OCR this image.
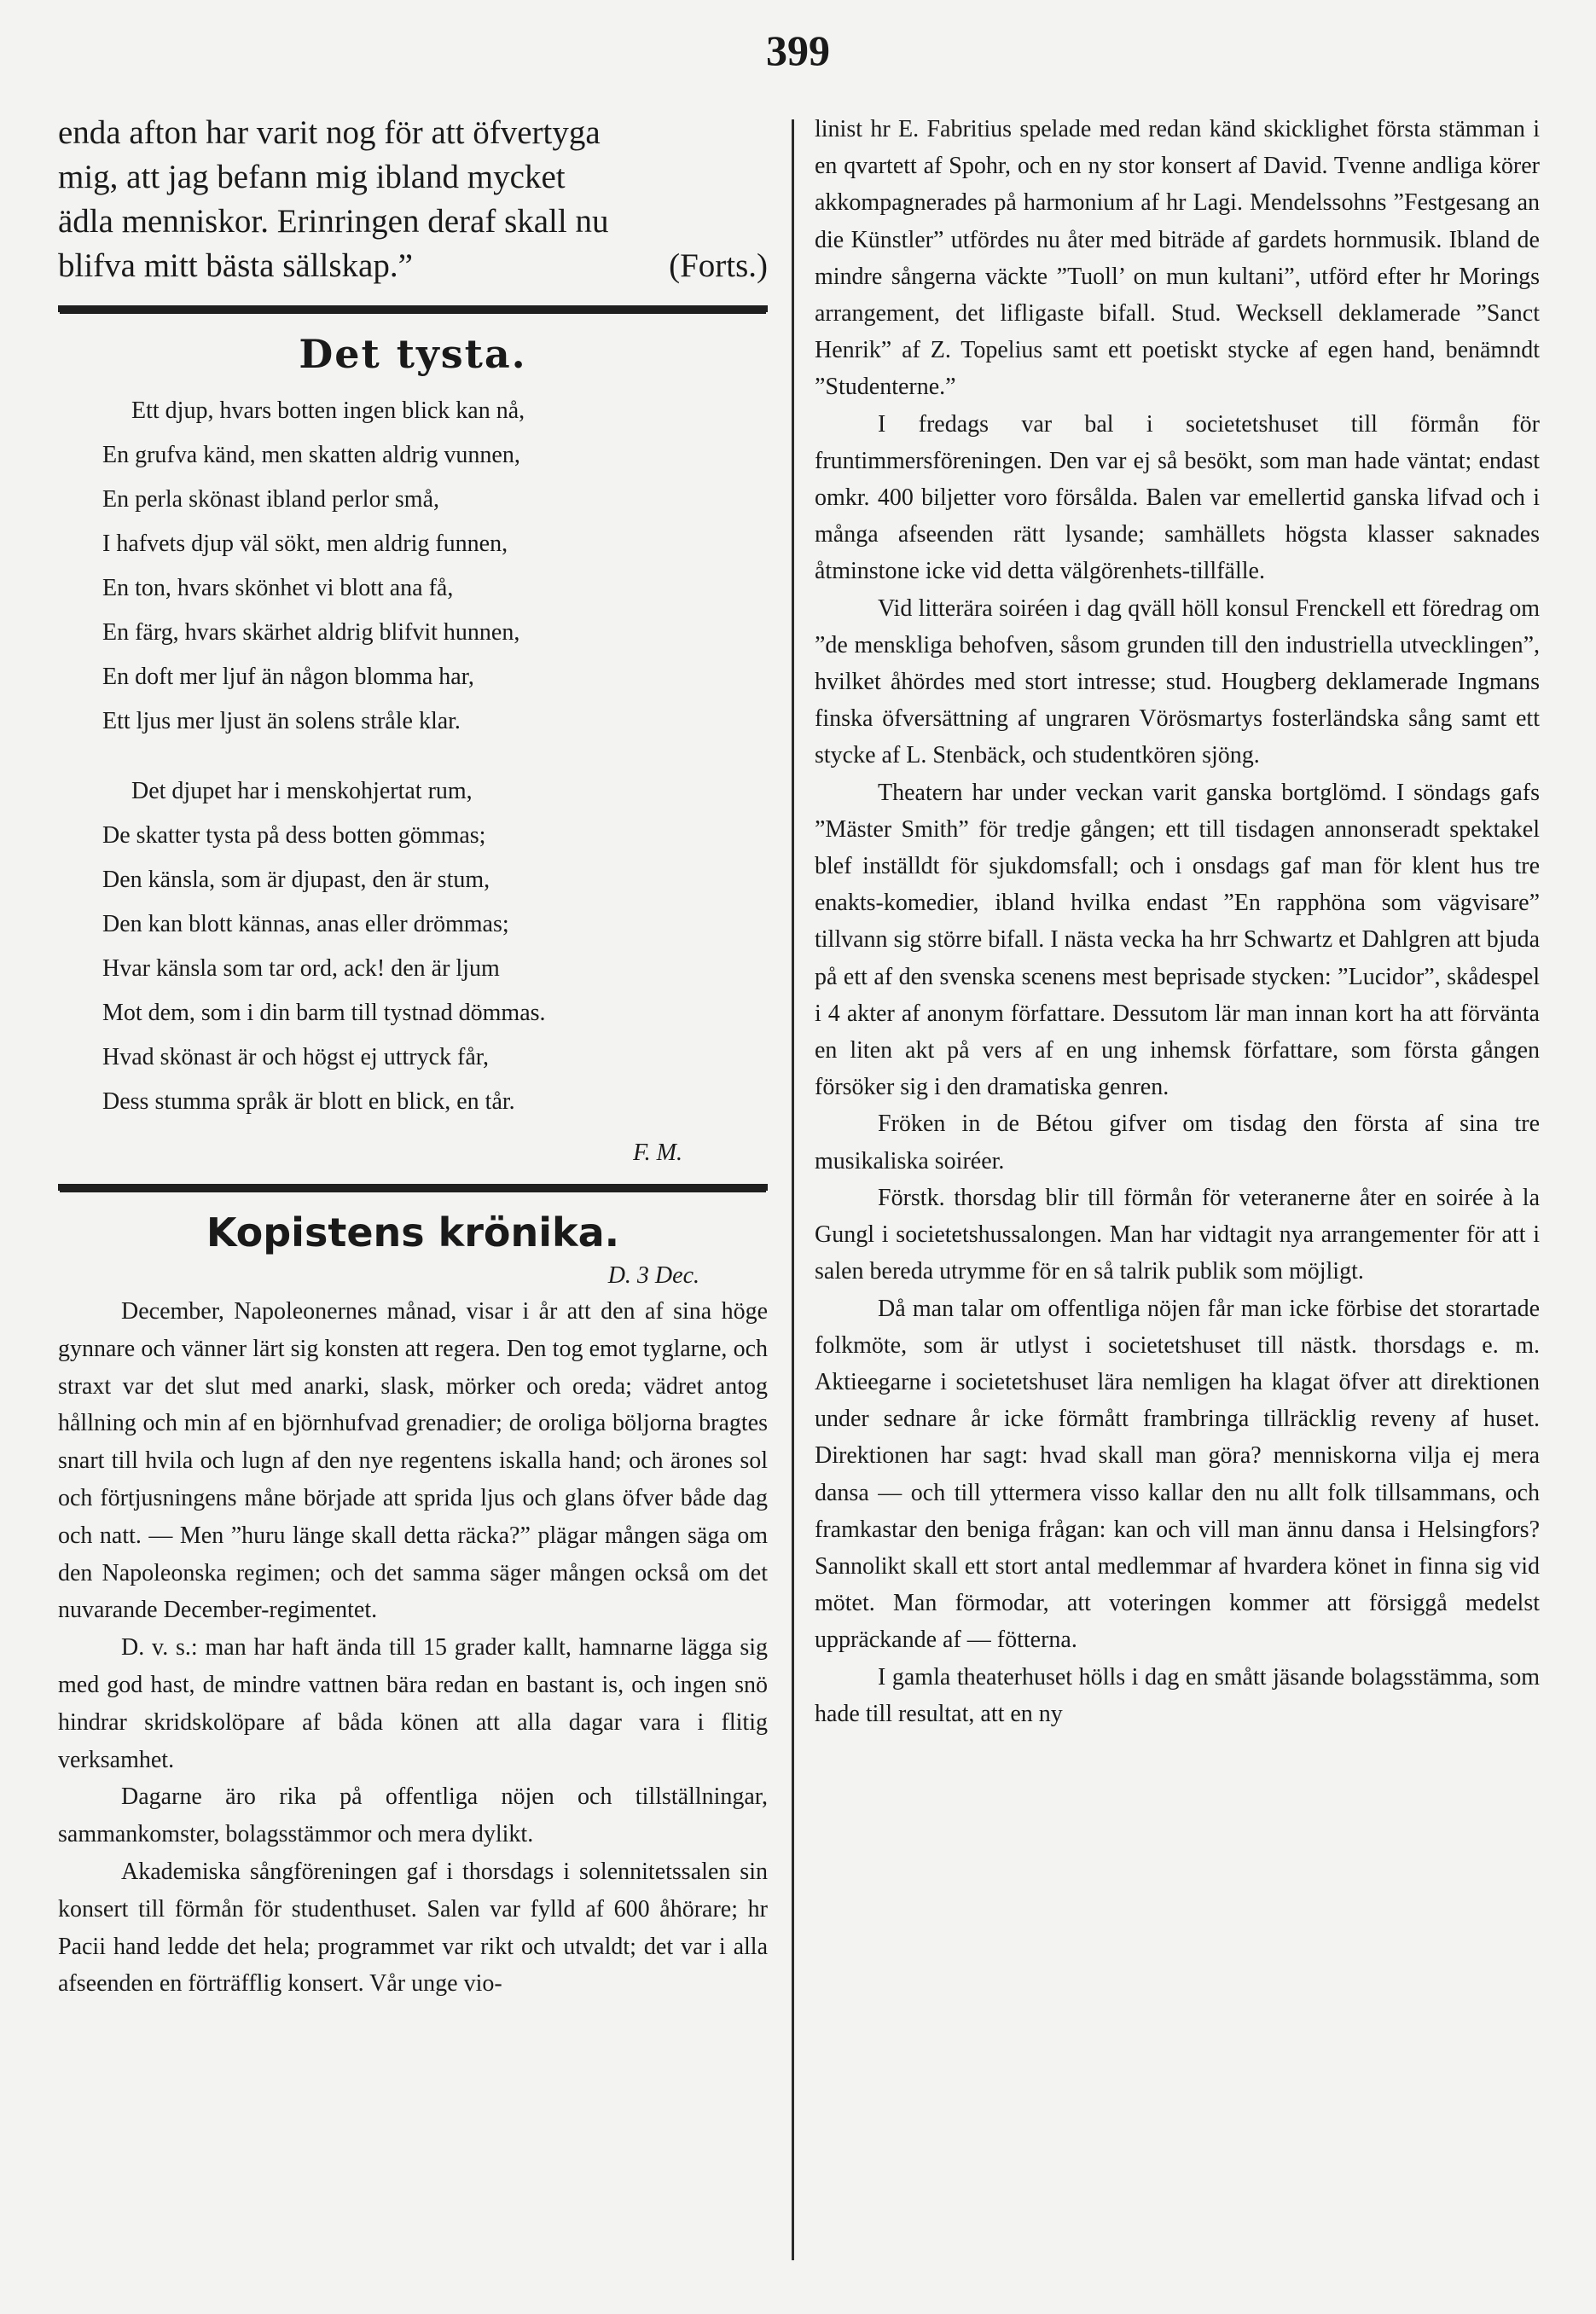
399
enda afton har varit nog för att öfvertyga
mig, att jag befann mig ibland mycket
ädla menniskor. Erinringen deraf skall nu
blifva mitt bästa sällskap.”	(Forts.)
Det tysta.
Ett djup, hvars botten ingen blick kan nå,
En grufva känd, men skatten aldrig vunnen,
En perla skönast ibland perlor små,
I hafvets djup väl sökt, men aldrig funnen,
En ton, hvars skönhet vi blott ana få,
En färg, hvars skärhet aldrig blifvit hunnen,
En doft mer ljuf än någon blomma har,
Ett ljus mer ljust än solens stråle klar.
Det djupet har i menskohjertat rum,
De skatter tysta på dess botten gömmas;
Den känsla, som är djupast, den är stum,
Den kan blott kännas, anas eller drömmas;
Hvar känsla som tar ord, ack! den är ljum
Mot dem, som i din barm till tystnad dömmas.
Hvad skönast är och högst ej uttryck får,
Dess stumma språk är blott en blick, en tår.
F. M.
Kopistens krönika.
D. 3 Dec.

December, Napoleonernes månad, visar i år att den af sina höge gynnare och vänner lärt sig konsten att regera. Den tog emot tyglarne, och straxt var det slut med anarki, slask, mörker och oreda; vädret antog hållning och min af en björnhufvad grenadier; de oroliga böljorna bragtes snart till hvila och lugn af den nye regentens iskalla hand; och ärones sol och förtjusningens måne började att sprida ljus och glans öfver både dag och natt. — Men ”huru länge skall detta räcka?” plägar mången säga om den Napoleonska regimen; och det samma säger mången också om det nuvarande December-regimentet.

D. v. s.: man har haft ända till 15 grader kallt, hamnarne lägga sig med god hast, de mindre vattnen bära redan en bastant is, och ingen snö hindrar skridskolöpare af båda könen att alla dagar vara i flitig verksamhet.

Dagarne äro rika på offentliga nöjen och tillställningar, sammankomster, bolagsstämmor och mera dylikt.

Akademiska sångföreningen gaf i thorsdags i solennitetssalen sin konsert till förmån för studenthuset. Salen var fylld af 600 åhörare; hr Pacii hand ledde det hela; programmet var rikt och utvaldt; det var i alla afseenden en förträfflig konsert. Vår unge vio-

linist hr E. Fabritius spelade med redan känd skicklighet första stämman i en qvartett af Spohr, och en ny stor konsert af David. Tvenne andliga körer akkompagnerades på harmonium af hr Lagi. Mendelssohns ”Festgesang an die Künstler” utfördes nu åter med biträde af gardets hornmusik. Ibland de mindre sångerna väckte ”Tuoll’ on mun kultani”, utförd efter hr Morings arrangement, det lifligaste bifall. Stud. Wecksell deklamerade ”Sanct Henrik” af Z. Topelius samt ett poetiskt stycke af egen hand, benämndt ”Studenterne.”

I fredags var bal i societetshuset till förmån för fruntimmersföreningen. Den var ej så besökt, som man hade väntat; endast omkr. 400 biljetter voro försålda. Balen var emellertid ganska lifvad och i många afseenden rätt lysande; samhällets högsta klasser saknades åtminstone icke vid detta välgörenhets-tillfälle.

Vid litterära soiréen i dag qväll höll konsul Frenckell ett föredrag om ”de menskliga behofven, såsom grunden till den industriella utvecklingen”, hvilket åhördes med stort intresse; stud. Hougberg deklamerade Ingmans finska öfversättning af ungraren Vörösmartys fosterländska sång samt ett stycke af L. Stenbäck, och studentkören sjöng.

Theatern har under veckan varit ganska bortglömd. I söndags gafs ”Mäster Smith” för tredje gången; ett till tisdagen annonseradt spektakel blef inställdt för sjukdomsfall; och i onsdags gaf man för klent hus tre enakts-komedier, ibland hvilka endast ”En rapphöna som vägvisare” tillvann sig större bifall. I nästa vecka ha hrr Schwartz et Dahlgren att bjuda på ett af den svenska scenens mest beprisade stycken: ”Lucidor”, skådespel i 4 akter af anonym författare. Dessutom lär man innan kort ha att förvänta en liten akt på vers af en ung inhemsk författare, som första gången försöker sig i den dramatiska genren.

Fröken in de Bétou gifver om tisdag den första af sina tre musikaliska soiréer.

Förstk. thorsdag blir till förmån för veteranerne åter en soirée à la Gungl i societetshussalongen. Man har vidtagit nya arrangementer för att i salen bereda utrymme för en så talrik publik som möjligt.

Då man talar om offentliga nöjen får man icke förbise det storartade folkmöte, som är utlyst i societetshuset till nästk. thorsdags e. m. Aktieegarne i societetshuset lära nemligen ha klagat öfver att direktionen under sednare år icke förmått frambringa tillräcklig reveny af huset. Direktionen har sagt: hvad skall man göra? menniskorna vilja ej mera dansa — och till yttermera visso kallar den nu allt folk tillsammans, och framkastar den beniga frågan: kan och vill man ännu dansa i Helsingfors? Sannolikt skall ett stort antal medlemmar af hvardera könet in finna sig vid mötet. Man förmodar, att voteringen kommer att försiggå medelst uppräckande af — fötterna.

I gamla theaterhuset hölls i dag en smått jäsande bolagsstämma, som hade till resultat, att en ny
